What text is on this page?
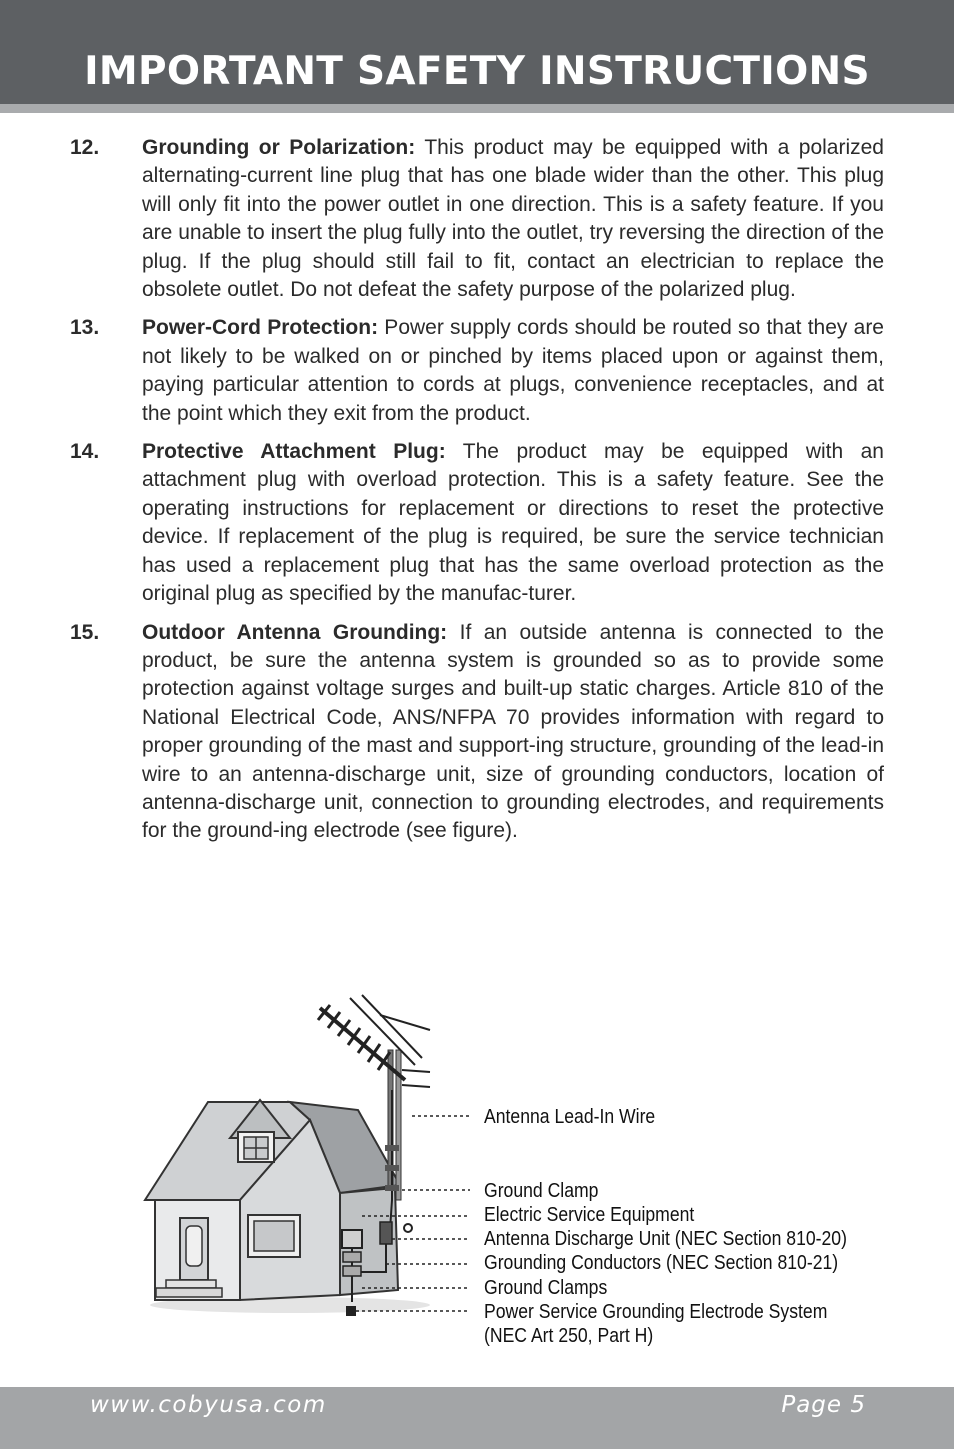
IMPORTANT SAFETY INSTRUCTIONS
12. Grounding or Polarization: This product may be equipped with a polarized alternating-current line plug that has one blade wider than the other. This plug will only fit into the power outlet in one direction. This is a safety feature. If you are unable to insert the plug fully into the outlet, try reversing the direction of the plug. If the plug should still fail to fit, contact an electrician to replace the obsolete outlet. Do not defeat the safety purpose of the polarized plug.
13. Power-Cord Protection: Power supply cords should be routed so that they are not likely to be walked on or pinched by items placed upon or against them, paying particular attention to cords at plugs, convenience receptacles, and at the point which they exit from the product.
14. Protective Attachment Plug: The product may be equipped with an attachment plug with overload protection. This is a safety feature. See the operating instructions for replacement or directions to reset the protective device. If replacement of the plug is required, be sure the service technician has used a replacement plug that has the same overload protection as the original plug as specified by the manufac-turer.
15. Outdoor Antenna Grounding: If an outside antenna is connected to the product, be sure the antenna system is grounded so as to provide some protection against voltage surges and built-up static charges. Article 810 of the National Electrical Code, ANS/NFPA 70 provides information with regard to proper grounding of the mast and support-ing structure, grounding of the lead-in wire to an antenna-discharge unit, size of grounding conductors, location of antenna-discharge unit, connection to grounding electrodes, and requirements for the ground-ing electrode (see figure).
Antenna Lead-In Wire
Ground Clamp
Electric Service Equipment
Antenna Discharge Unit (NEC Section 810-20)
Grounding Conductors (NEC Section 810-21)
Ground Clamps
Power Service Grounding Electrode System
(NEC Art 250, Part H)
www.cobyusa.com	Page 5
